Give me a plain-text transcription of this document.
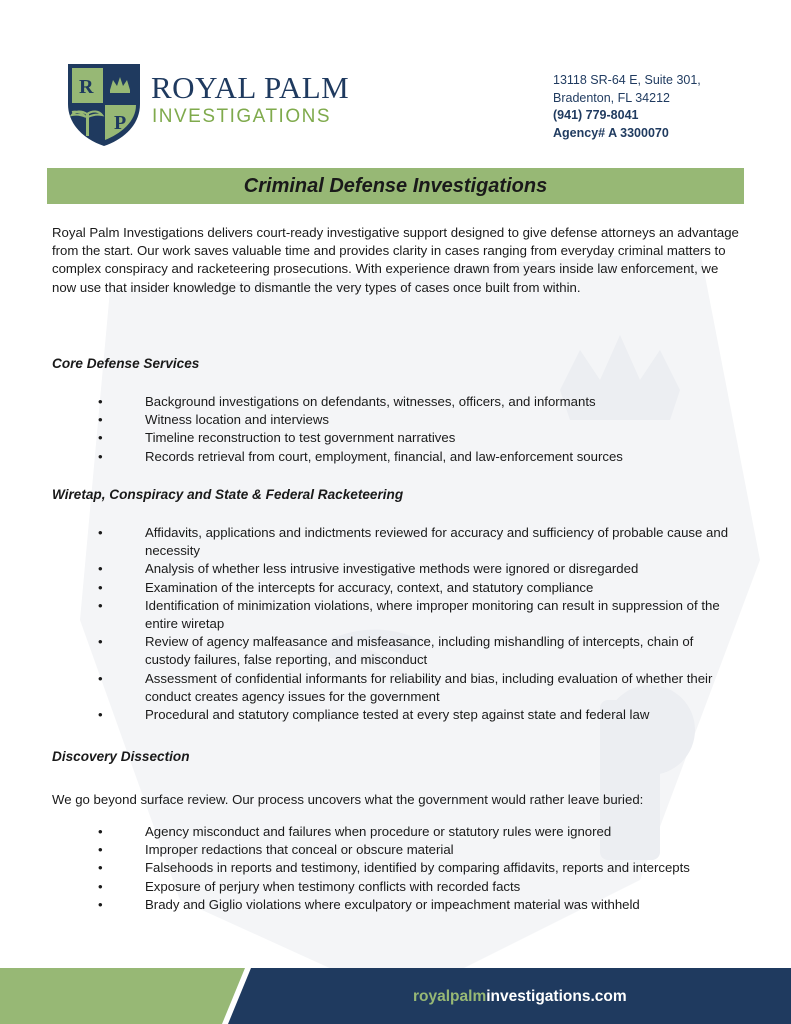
R
P
ROYAL PALM
INVESTIGATIONS
13118 SR-64 E, Suite 301,
Bradenton, FL 34212
(941) 779-8041
Agency# A 3300070
Criminal Defense Investigations

Royal Palm Investigations delivers court-ready investigative support designed to give defense attorneys an advantage from the start. Our work saves valuable time and provides clarity in cases ranging from everyday criminal matters to complex conspiracy and racketeering prosecutions. With experience drawn from years inside law enforcement, we now use that insider knowledge to dismantle the very types of cases once built from within.

Core Defense Services
•	Background investigations on defendants, witnesses, officers, and informants
•	Witness location and interviews
•	Timeline reconstruction to test government narratives
•	Records retrieval from court, employment, financial, and law-enforcement sources
Wiretap, Conspiracy and State & Federal Racketeering
•	Affidavits, applications and indictments reviewed for accuracy and sufficiency of probable cause and necessity
•	Analysis of whether less intrusive investigative methods were ignored or disregarded
•	Examination of the intercepts for accuracy, context, and statutory compliance
•	Identification of minimization violations, where improper monitoring can result in suppression of the entire wiretap
•	Review of agency malfeasance and misfeasance, including mishandling of intercepts, chain of custody failures, false reporting, and misconduct
•	Assessment of confidential informants for reliability and bias, including evaluation of whether their conduct creates agency issues for the government
•	Procedural and statutory compliance tested at every step against state and federal law
Discovery Dissection

We go beyond surface review. Our process uncovers what the government would rather leave buried:

•	Agency misconduct and failures when procedure or statutory rules were ignored
•	Improper redactions that conceal or obscure material
•	Falsehoods in reports and testimony, identified by comparing affidavits, reports and intercepts
•	Exposure of perjury when testimony conflicts with recorded facts
•	Brady and Giglio violations where exculpatory or impeachment material was withheld
royalpalminvestigations.com
